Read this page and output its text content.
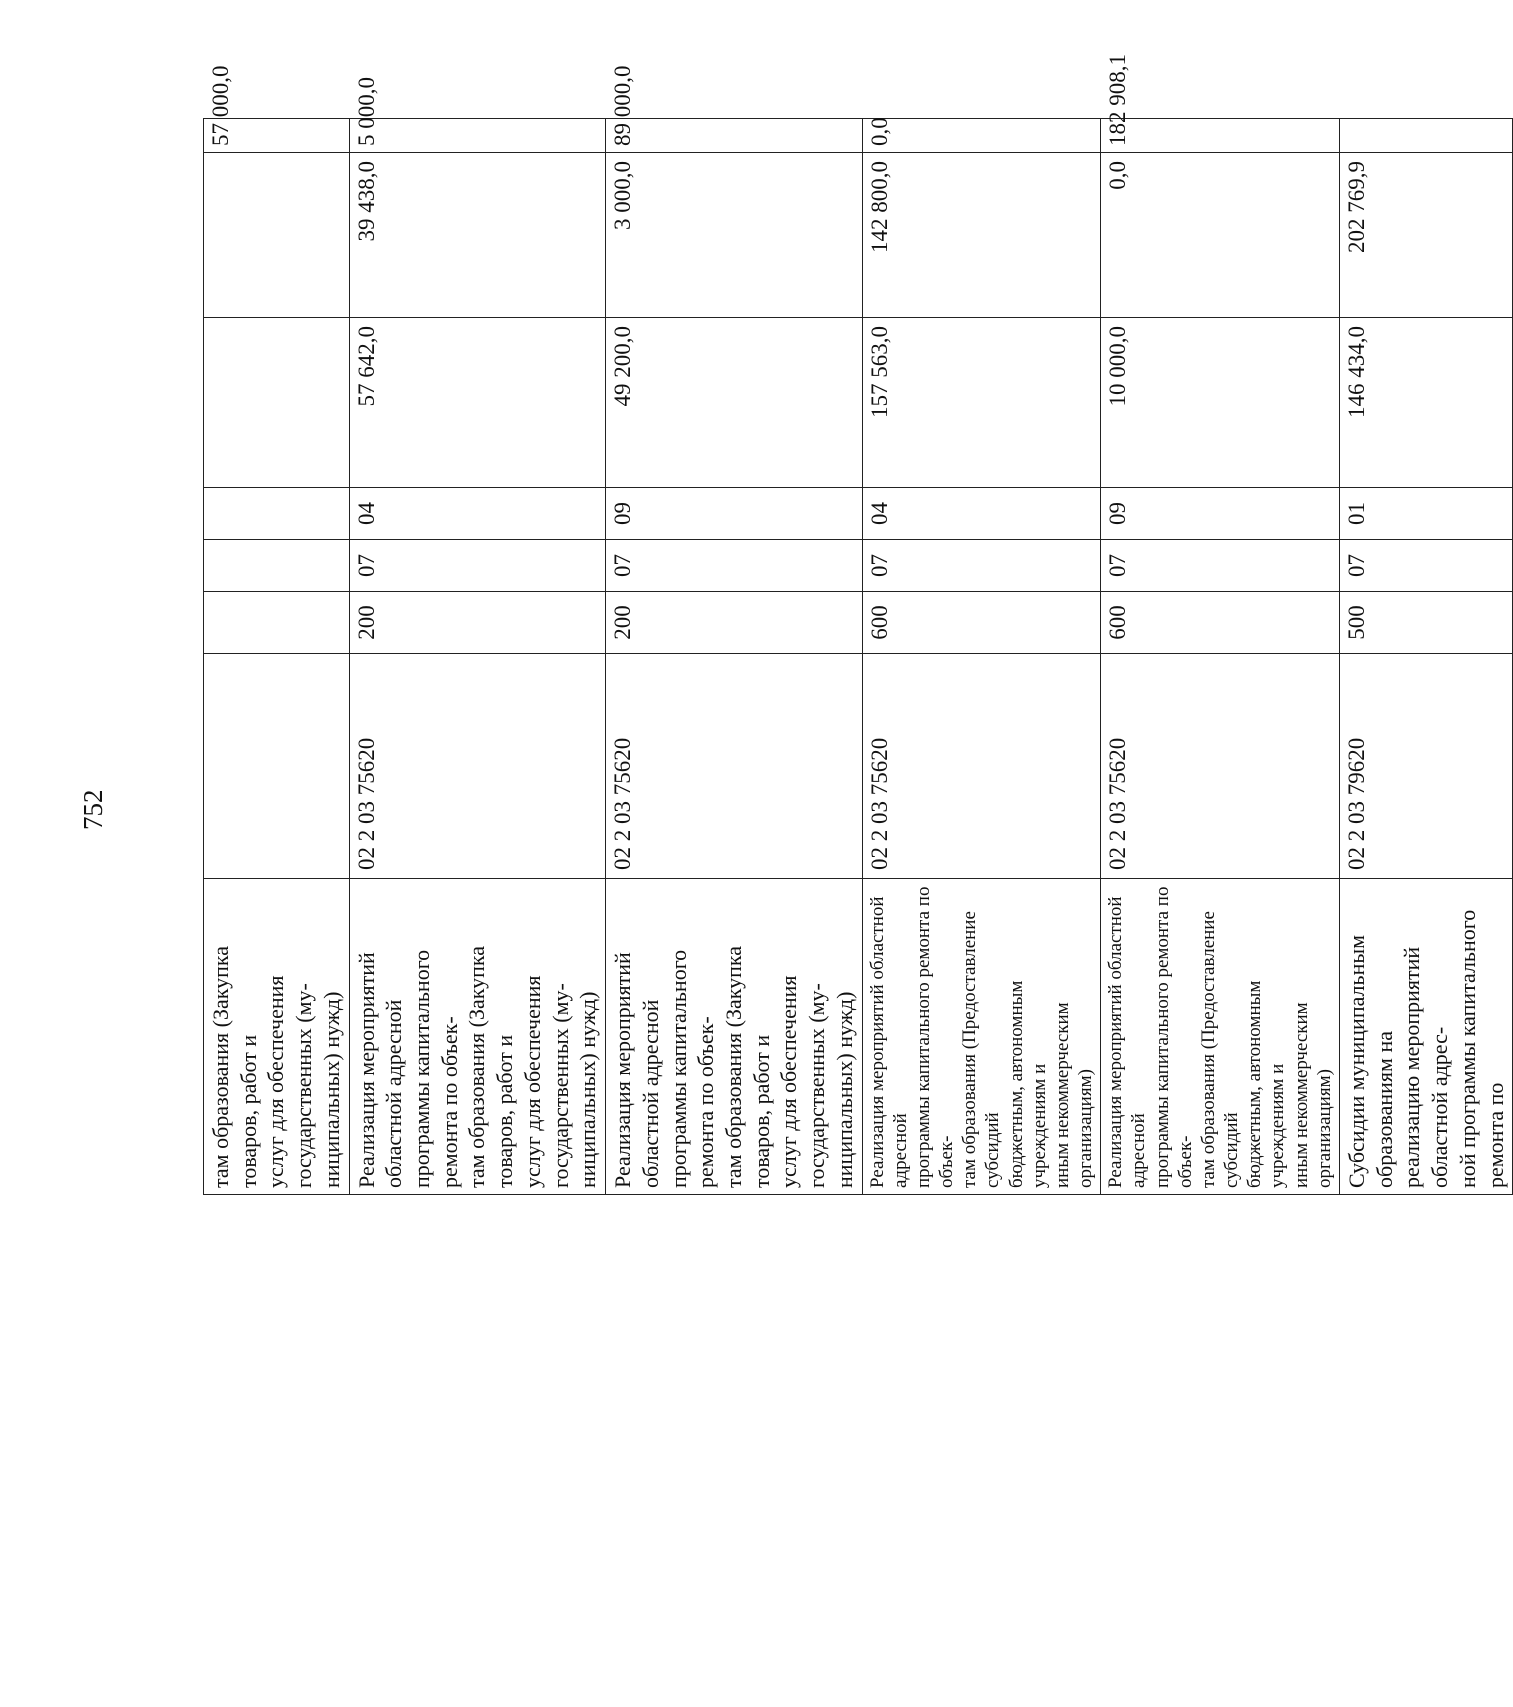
752
там образования (Закупка товаров, работ и услуг для обеспечения государственных (му- ниципальных) нужд)							57 000,0

Реализация мероприятий областной адресной программы капитального ремонта по объек- там образования (Закупка товаров, работ и услуг для обеспечения государственных (му- ниципальных) нужд)	02 2 03 75620	200	07	04	57 642,0	39 438,0	5 000,0

Реализация мероприятий областной адресной программы капитального ремонта по объек- там образования (Закупка товаров, работ и услуг для обеспечения государственных (му- ниципальных) нужд)	02 2 03 75620	200	07	09	49 200,0	3 000,0	89 000,0

Реализация мероприятий областной адресной программы капитального ремонта по объек- там образования (Предоставление субсидий бюджетным, автономным учреждениям и иным некоммерческим организациям)	02 2 03 75620	600	07	04	157 563,0	142 800,0	0,0

Реализация мероприятий областной адресной программы капитального ремонта по объек- там образования (Предоставление субсидий бюджетным, автономным учреждениям и иным некоммерческим организациям)	02 2 03 75620	600	07	09	10 000,0	0,0	182 908,1

Субсидии муниципальным образованиям на реализацию мероприятий областной адрес- ной программы капитального ремонта по	02 2 03 79620	500	07	01	146 434,0	202 769,9	
